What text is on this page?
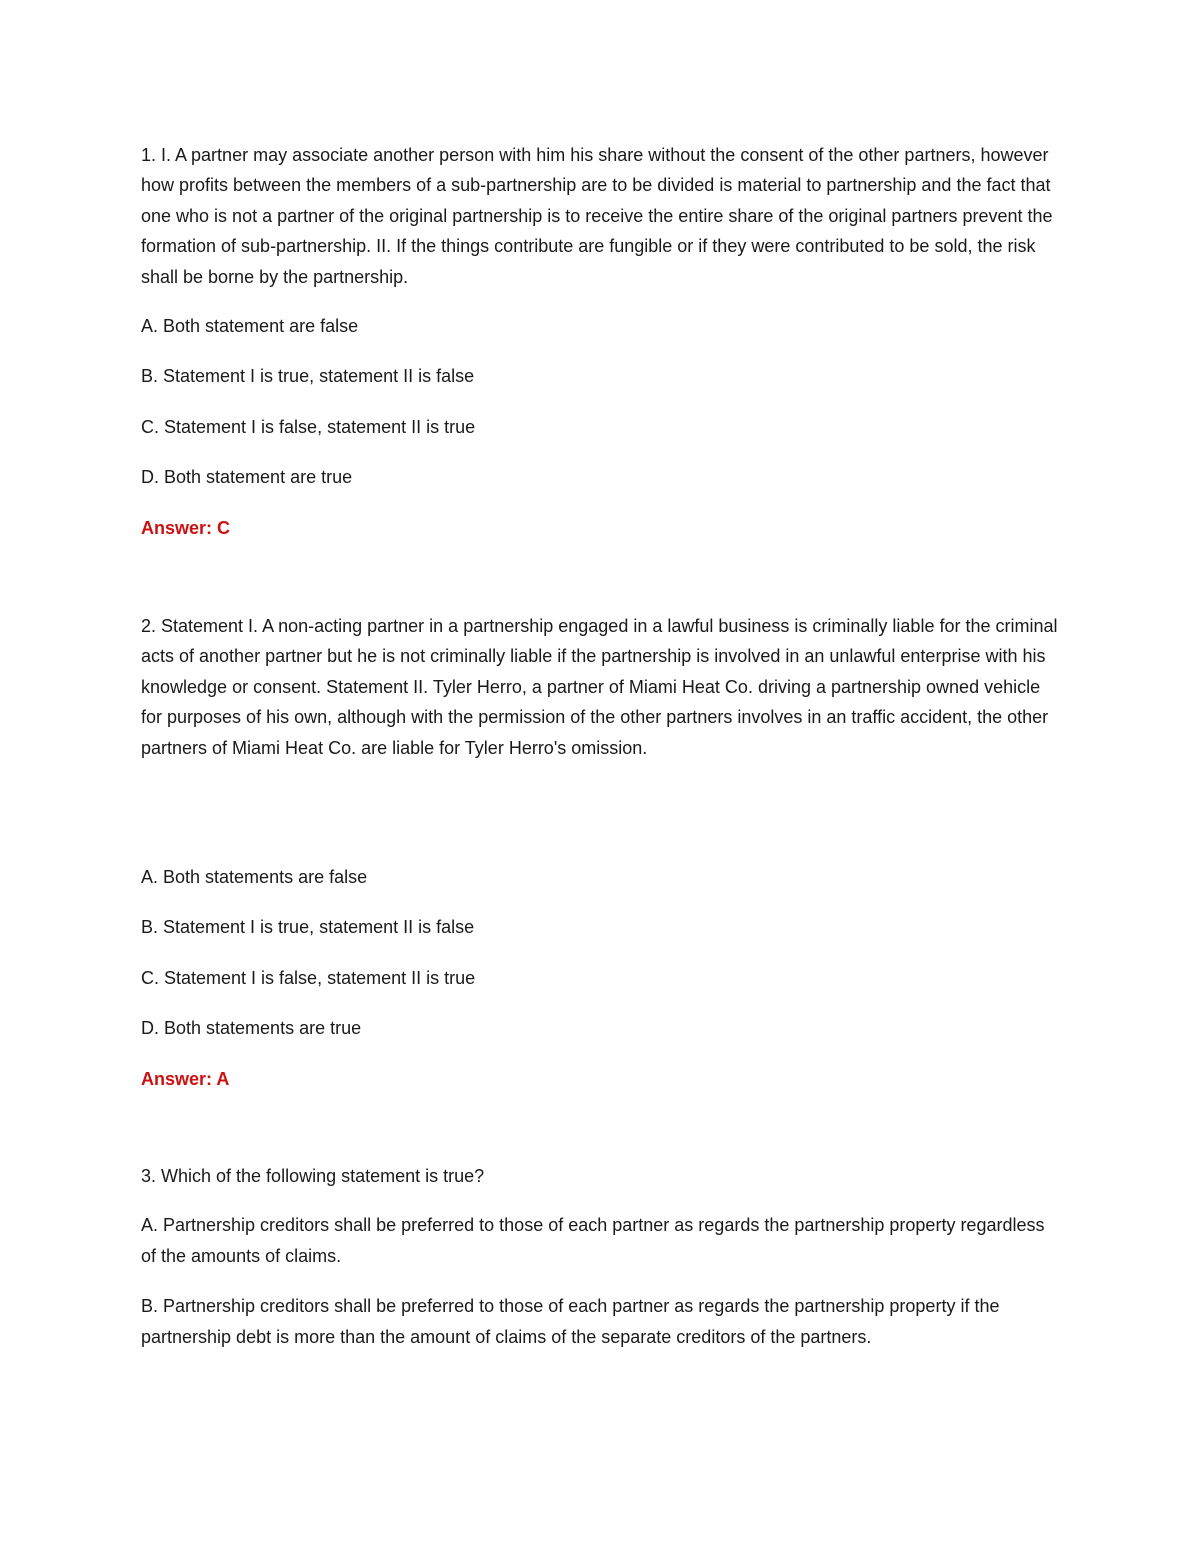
1. I. A partner may associate another person with him his share without the consent of the other partners, however how profits between the members of a sub-partnership are to be divided is material to partnership and the fact that one who is not a partner of the original partnership is to receive the entire share of the original partners prevent the formation of sub-partnership. II. If the things contribute are fungible or if they were contributed to be sold, the risk shall be borne by the partnership.

A. Both statement are false

B. Statement I is true, statement II is false

C. Statement I is false, statement II is true

D. Both statement are true

Answer: C

2. Statement I. A non-acting partner in a partnership engaged in a lawful business is criminally liable for the criminal acts of another partner but he is not criminally liable if the partnership is involved in an unlawful enterprise with his knowledge or consent. Statement II. Tyler Herro, a partner of Miami Heat Co. driving a partnership owned vehicle for purposes of his own, although with the permission of the other partners involves in an traffic accident, the other partners of Miami Heat Co. are liable for Tyler Herro's omission.

A. Both statements are false

B. Statement I is true, statement II is false

C. Statement I is false, statement II is true

D. Both statements are true

Answer: A

3. Which of the following statement is true?

A. Partnership creditors shall be preferred to those of each partner as regards the partnership property regardless of the amounts of claims.

B. Partnership creditors shall be preferred to those of each partner as regards the partnership property if the partnership debt is more than the amount of claims of the separate creditors of the partners.
